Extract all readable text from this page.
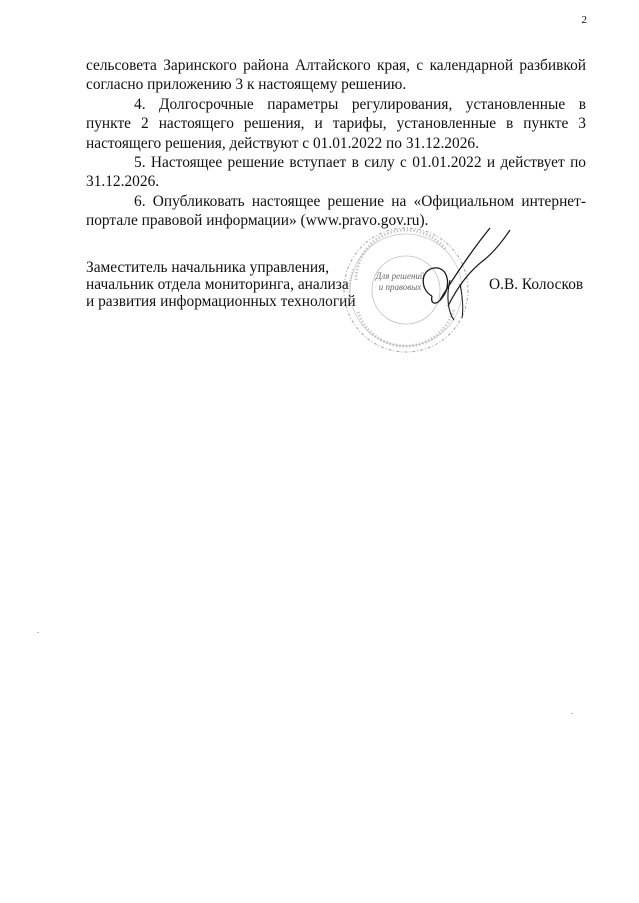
2

сельсовета Заринского района Алтайского края, с календарной разбивкой согласно приложению 3 к настоящему решению.

4. Долгосрочные параметры регулирования, установленные в пункте 2 настоящего решения, и тарифы, установленные в пункте 3 настоящего решения, действуют с 01.01.2022 по 31.12.2026.

5. Настоящее решение вступает в силу с 01.01.2022 и действует по 31.12.2026.

6. Опубликовать настоящее решение на «Официальном интернет-портале правовой информации» (www.pravo.gov.ru).

Заместитель начальника управления,
начальник отдела мониторинга, анализа
и развития информационных технологий
Для решений
и правовых	О.В. Колосков
